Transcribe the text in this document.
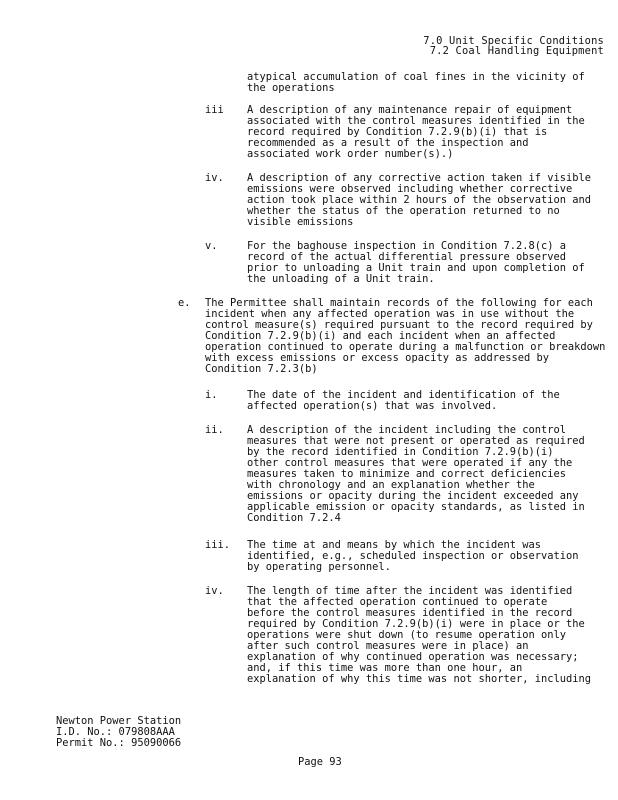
7.0 Unit Specific Conditions
7.2 Coal Handling Equipment
atypical accumulation of coal fines in the vicinity of
the operations
iii A description of any maintenance repair of equipment
associated with the control measures identified in the
record required by Condition 7.2.9(b)(i) that is
recommended as a result of the inspection and
associated work order number(s).)
iv. A description of any corrective action taken if visible
emissions were observed including whether corrective
action took place within 2 hours of the observation and
whether the status of the operation returned to no
visible emissions
v.	For the baghouse inspection in Condition 7.2.8(c) a
record of the actual differential pressure observed
prior to unloading a Unit train and upon completion of
the unloading of a Unit train.
e. The Permittee shall maintain records of the following for each
incident when any affected operation was in use without the
control measure(s) required pursuant to the record required by
Condition 7.2.9(b)(i) and each incident when an affected
operation continued to operate during a malfunction or breakdown
with excess emissions or excess opacity as addressed by
Condition 7.2.3(b)
i.	The date of the incident and identification of the
affected operation(s) that was involved.
ii. A description of the incident including the control
measures that were not present or operated as required
by the record identified in Condition 7.2.9(b)(i)
other control measures that were operated if any the
measures taken to minimize and correct deficiencies
with chronology and an explanation whether the
emissions or opacity during the incident exceeded any
applicable emission or opacity standards, as listed in
Condition 7.2.4
iii. The time at and means by which the incident was
identified, e.g., scheduled inspection or observation
by operating personnel.
iv. The length of time after the incident was identified
that the affected operation continued to operate
before the control measures identified in the record
required by Condition 7.2.9(b)(i) were in place or the
operations were shut down (to resume operation only
after such control measures were in place) an
explanation of why continued operation was necessary;
and, if this time was more than one hour, an
explanation of why this time was not shorter, including
Newton Power Station
I.D. No.: 079808AAA
Permit No.: 95090066
Page 93
